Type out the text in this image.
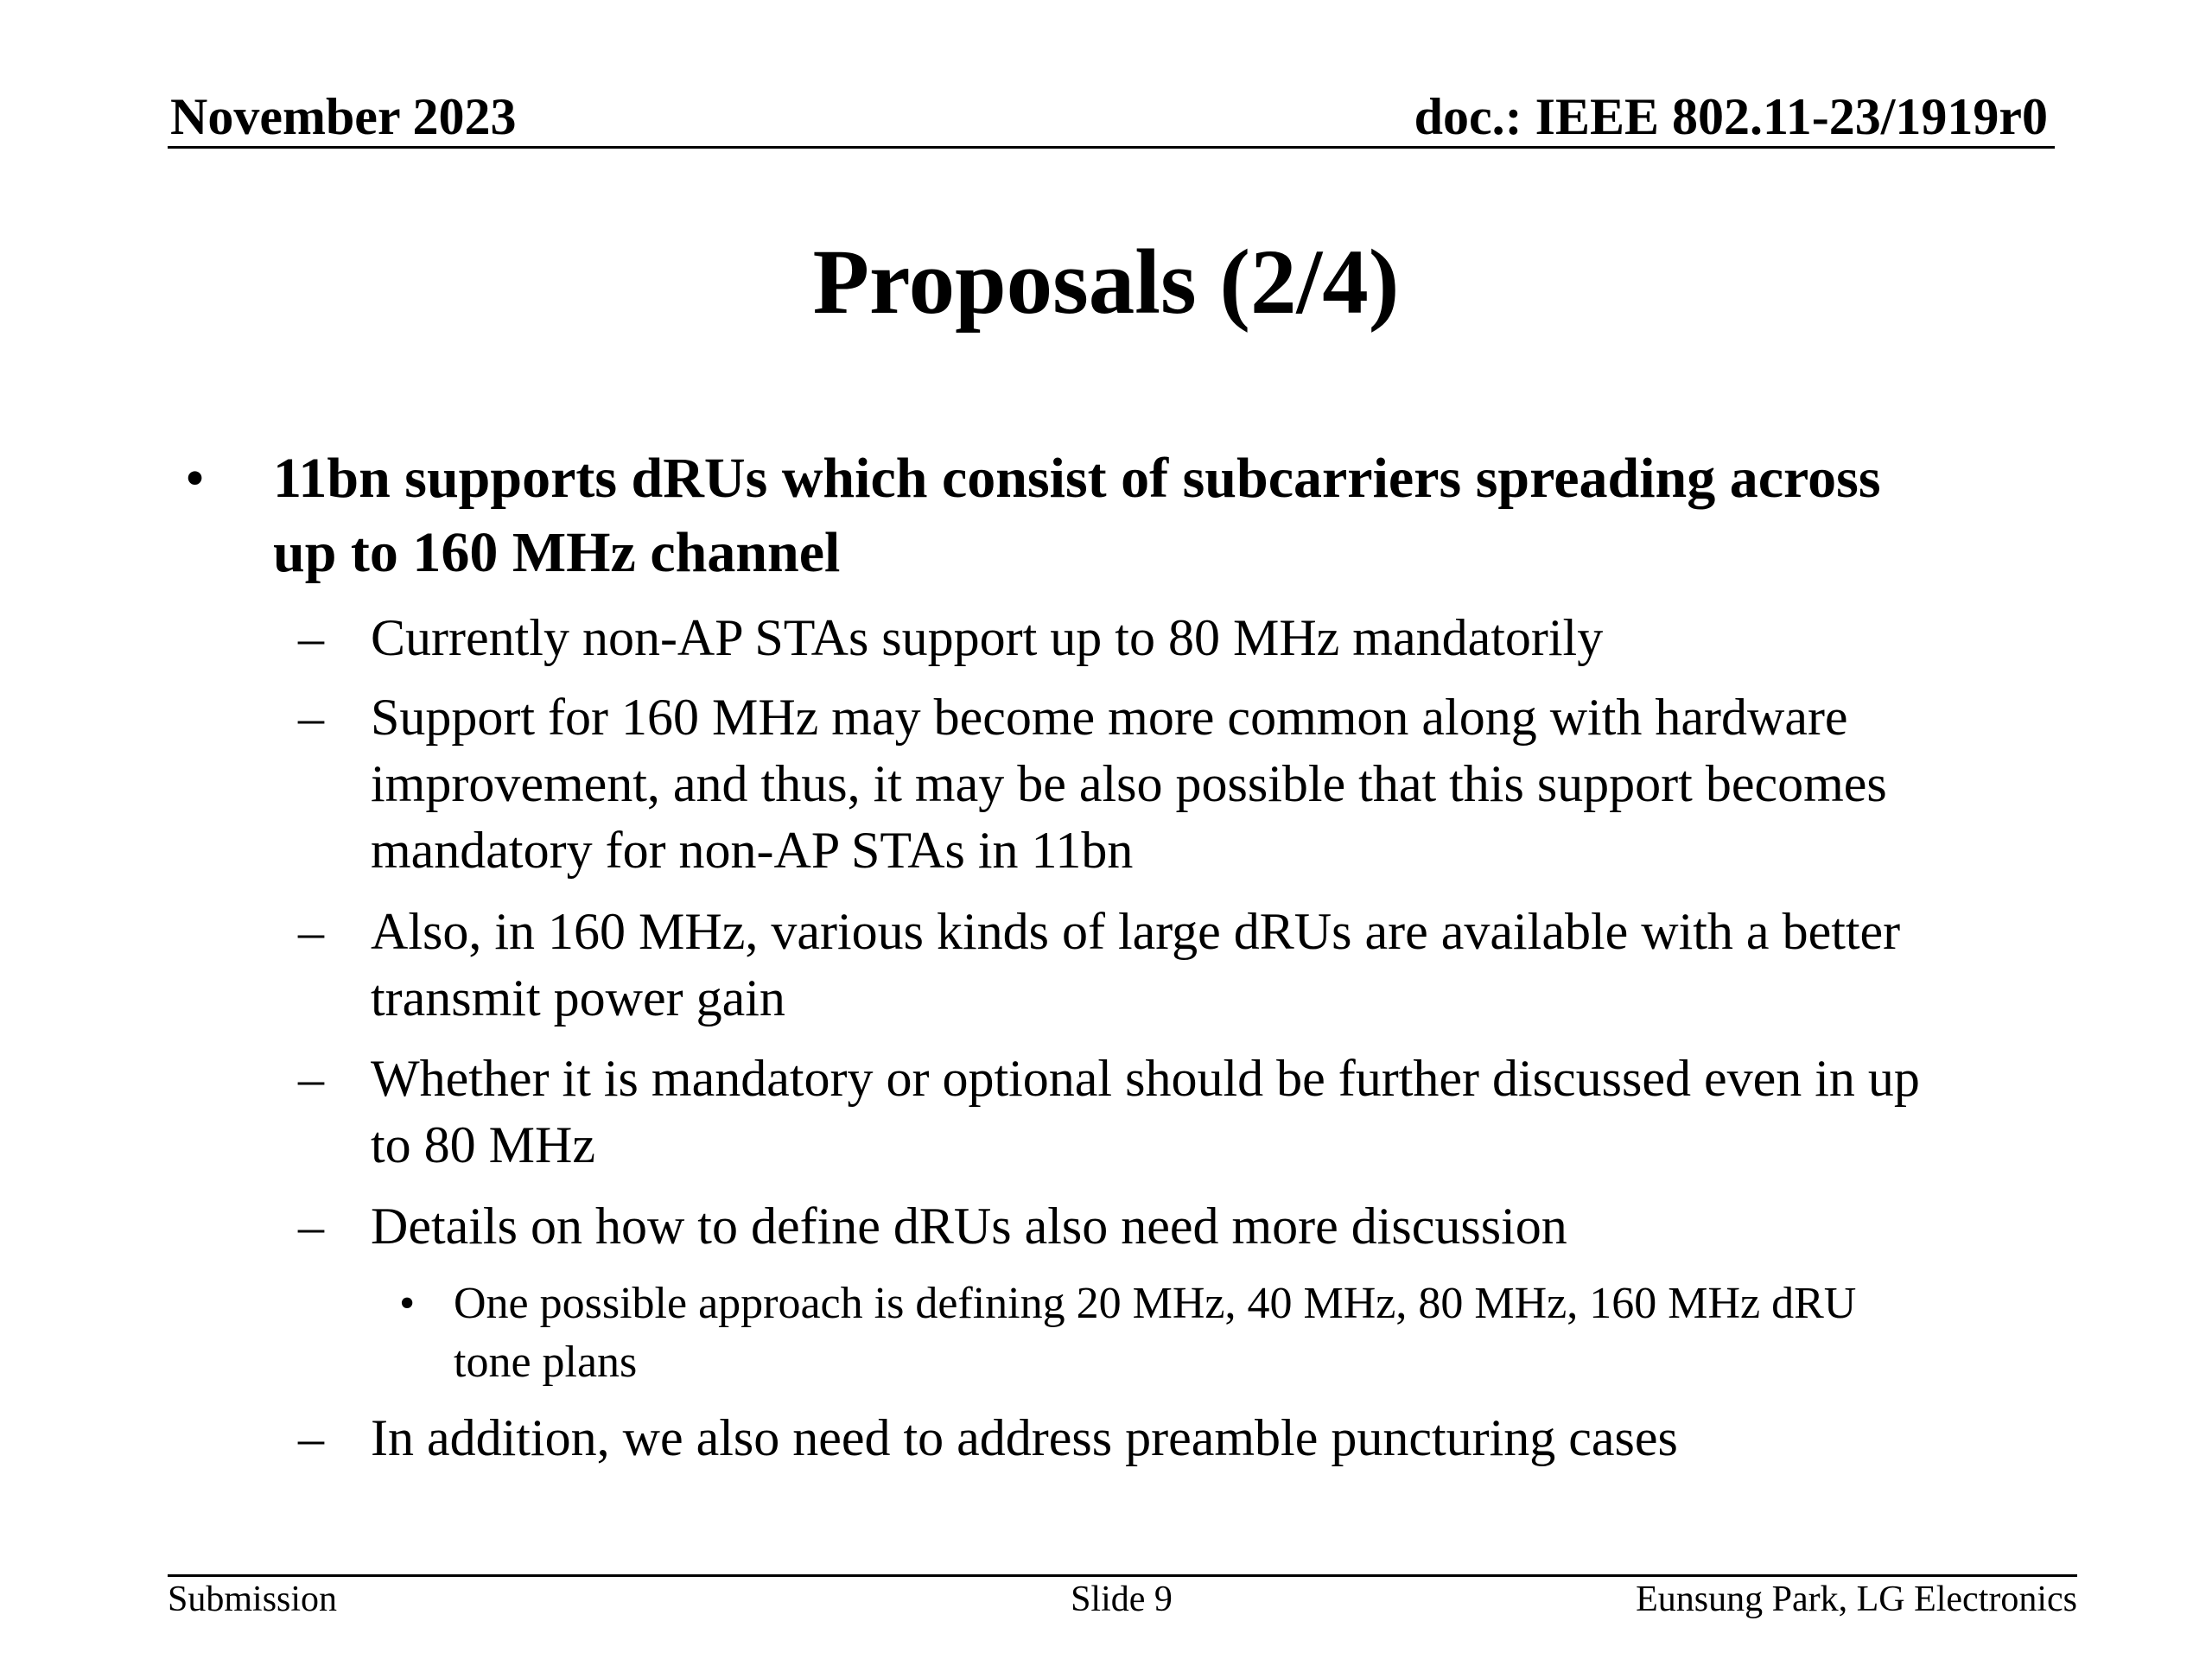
November 2023	doc.: IEEE 802.11-23/1919r0
Proposals (2/4)
• 11bn supports dRUs which consist of subcarriers spreading across
up to 160 MHz channel
– Currently non-AP STAs support up to 80 MHz mandatorily
– Support for 160 MHz may become more common along with hardware
improvement, and thus, it may be also possible that this support becomes
mandatory for non-AP STAs in 11bn
– Also, in 160 MHz, various kinds of large dRUs are available with a better
transmit power gain
– Whether it is mandatory or optional should be further discussed even in up
to 80 MHz
– Details on how to define dRUs also need more discussion
• One possible approach is defining 20 MHz, 40 MHz, 80 MHz, 160 MHz dRU
tone plans
– In addition, we also need to address preamble puncturing cases
Submission	Slide 9	Eunsung Park, LG Electronics
